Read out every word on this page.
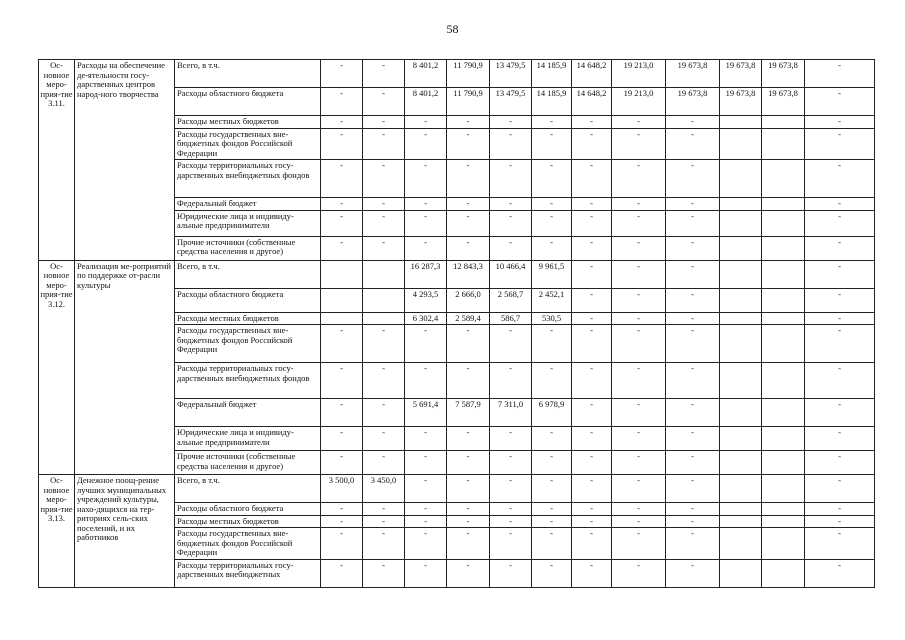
58
Ос-новное меро-прия-тие 3.11.	Расходы на обеспечение де-ятельности госу-дарственных центров народ-ного творчества	Всего, в т.ч.	-	-	8 401,2	11 790,9	13 479,5	14 185,9	14 648,2	19 213,0	19 673,8	19 673,8	19 673,8	-
		Расходы областного бюджета	-	-	8 401,2	11 790,9	13 479,5	14 185,9	14 648,2	19 213,0	19 673,8	19 673,8	19 673,8	-
		Расходы местных бюджетов	-	-	-	-	-	-	-	-	-			-
		Расходы государственных вне-бюджетных фондов Российской Федерации	-	-	-	-	-	-	-	-	-			-
		Расходы территориальных госу-дарственных внебюджетных фондов	-	-	-	-	-	-	-	-	-			-
		Федеральный бюджет	-	-	-	-	-	-	-	-	-			-
		Юридические лица и индивиду-альные предприниматели	-	-	-	-	-	-	-	-	-			-
		Прочие источники (собственные средства населения и другое)	-	-	-	-	-	-	-	-	-			-
Ос-новное меро-прия-тие 3.12.	Реализация ме-роприятий по поддержке от-расли культуры	Всего, в т.ч.			16 287,3	12 843,3	10 466,4	9 961,5	-	-	-			-
		Расходы областного бюджета			4 293,5	2 666,0	2 568,7	2 452,1	-	-	-			-
		Расходы местных бюджетов			6 302,4	2 589,4	586,7	530,5	-	-	-			-
		Расходы государственных вне-бюджетных фондов Российской Федерации	-	-	-	-	-	-	-	-	-			-
		Расходы территориальных госу-дарственных внебюджетных фондов	-	-	-	-	-	-	-	-	-			-
		Федеральный бюджет	-	-	5 691,4	7 587,9	7 311,0	6 978,9	-	-	-			-
		Юридические лица и индивиду-альные предприниматели	-	-	-	-	-	-	-	-	-			-
		Прочие источники (собственные средства населения и другое)	-	-	-	-	-	-	-	-	-			-
Ос-новное меро-прия-тие 3.13.	Денежное поощ-рение лучших муниципальных учреждений культуры, нахо-дящихся на тер-риториях сель-ских поселений, и их работников	Всего, в т.ч.	3 500,0	3 450,0	-	-	-	-	-	-	-			-
		Расходы областного бюджета	-	-	-	-	-	-	-	-	-			-
		Расходы местных бюджетов	-	-	-	-	-	-	-	-	-			-
		Расходы государственных вне-бюджетных фондов Российской Федерации	-	-	-	-	-	-	-	-	-			-
		Расходы территориальных госу-дарственных внебюджетных	-	-	-	-	-	-	-	-	-			-
